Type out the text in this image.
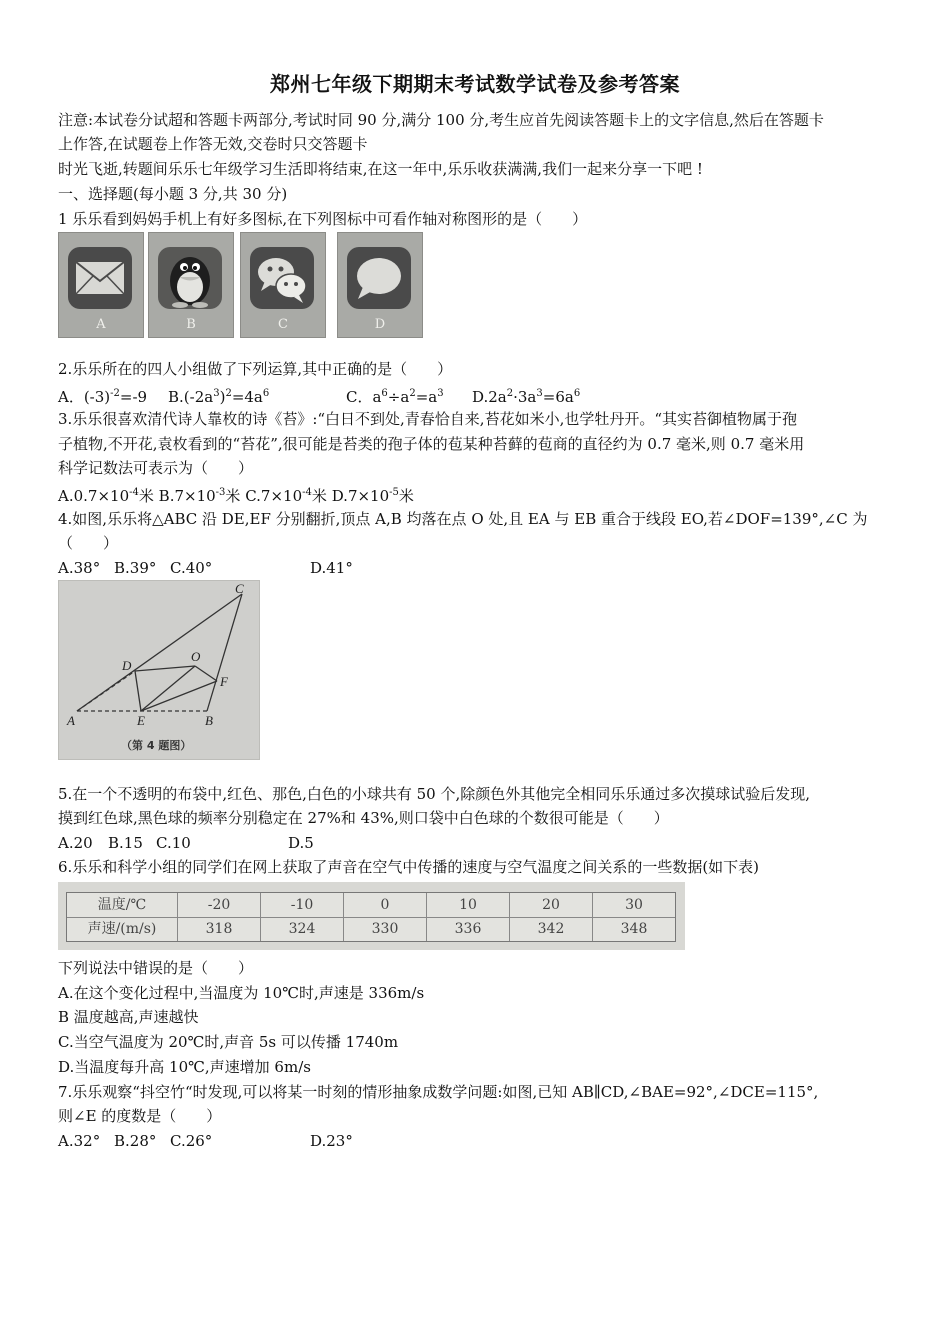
郑州七年级下期期末考试数学试卷及参考答案
注意:本试卷分试超和答题卡两部分,考试时同 90 分,满分 100 分,考生应首先阅读答题卡上的文字信息,然后在答题卡
上作答,在试题卷上作答无效,交卷时只交答题卡
时光飞逝,转题间乐乐七年级学习生活即将结束,在这一年中,乐乐收获满满,我们一起来分享一下吧 !
一、选择题(每小题 3 分,共 30 分)
1 乐乐看到妈妈手机上有好多图标,在下列图标中可看作轴对称图形的是（　　）
A	B	C	D
2.乐乐所在的四人小组做了下列运算,其中正确的是（　　）
A．$(-3)^{-2}=-9$ $B.(-2a^3)^2=4a^6$	C．$a^6\div a^2=a^3$ $D.2a^2\cdot 3a^3=6a^6$
3.乐乐很喜欢清代诗人靠枚的诗《苔》:“白日不到处,青春恰自来,苔花如米小,也学牡丹开。“其实苔御植物属于孢
子植物,不开花,袁枚看到的“苔花”,很可能是苔类的孢子体的苞某种苔藓的苞商的直径约为 0.7 毫米,则 0.7 毫米用
科学记数法可表示为（　　）
$A.0.7\times 10^{-4}$米 $B.7\times 10^{-3}$米 $C.7\times 10^{-4}$米 $D.7\times 10^{-5}$米
4.如图,乐乐将△ABC 沿 DE,EF 分别翻折,顶点 A,B 均落在点 O 处,且 EA 与 EB 重合于线段 EO,若∠DOF=139°,∠C 为
（　　）
A.38° B.39° C.40°	D.41°
A	B
C
D
E
F
O
（第 4 题图）
5.在一个不透明的布袋中,红色、那色,白色的小球共有 50 个,除颜色外其他完全相同乐乐通过多次摸球试验后发现,
摸到红色球,黑色球的频率分别稳定在 27%和 43%,则口袋中白色球的个数很可能是（　　）
A.20 B.15 C.10	D.5
6.乐乐和科学小组的同学们在网上获取了声音在空气中传播的速度与空气温度之间关系的一些数据(如下表)
温度/℃	-20	-10	0	10	20	30
声速/(m/s)	318	324	330	336	342	348
下列说法中错误的是（　　）
A.在这个变化过程中,当温度为 10℃时,声速是 336m/s
B 温度越高,声速越快
C.当空气温度为 20℃时,声音 5s 可以传播 1740m
D.当温度每升高 10℃,声速增加 6m/s
7.乐乐观察“抖空竹“时发现,可以将某一时刻的情形抽象成数学问题:如图,已知 AB∥CD,∠BAE=92°,∠DCE=115°,
则∠E 的度数是（　　）
A.32° B.28° C.26°	D.23°
